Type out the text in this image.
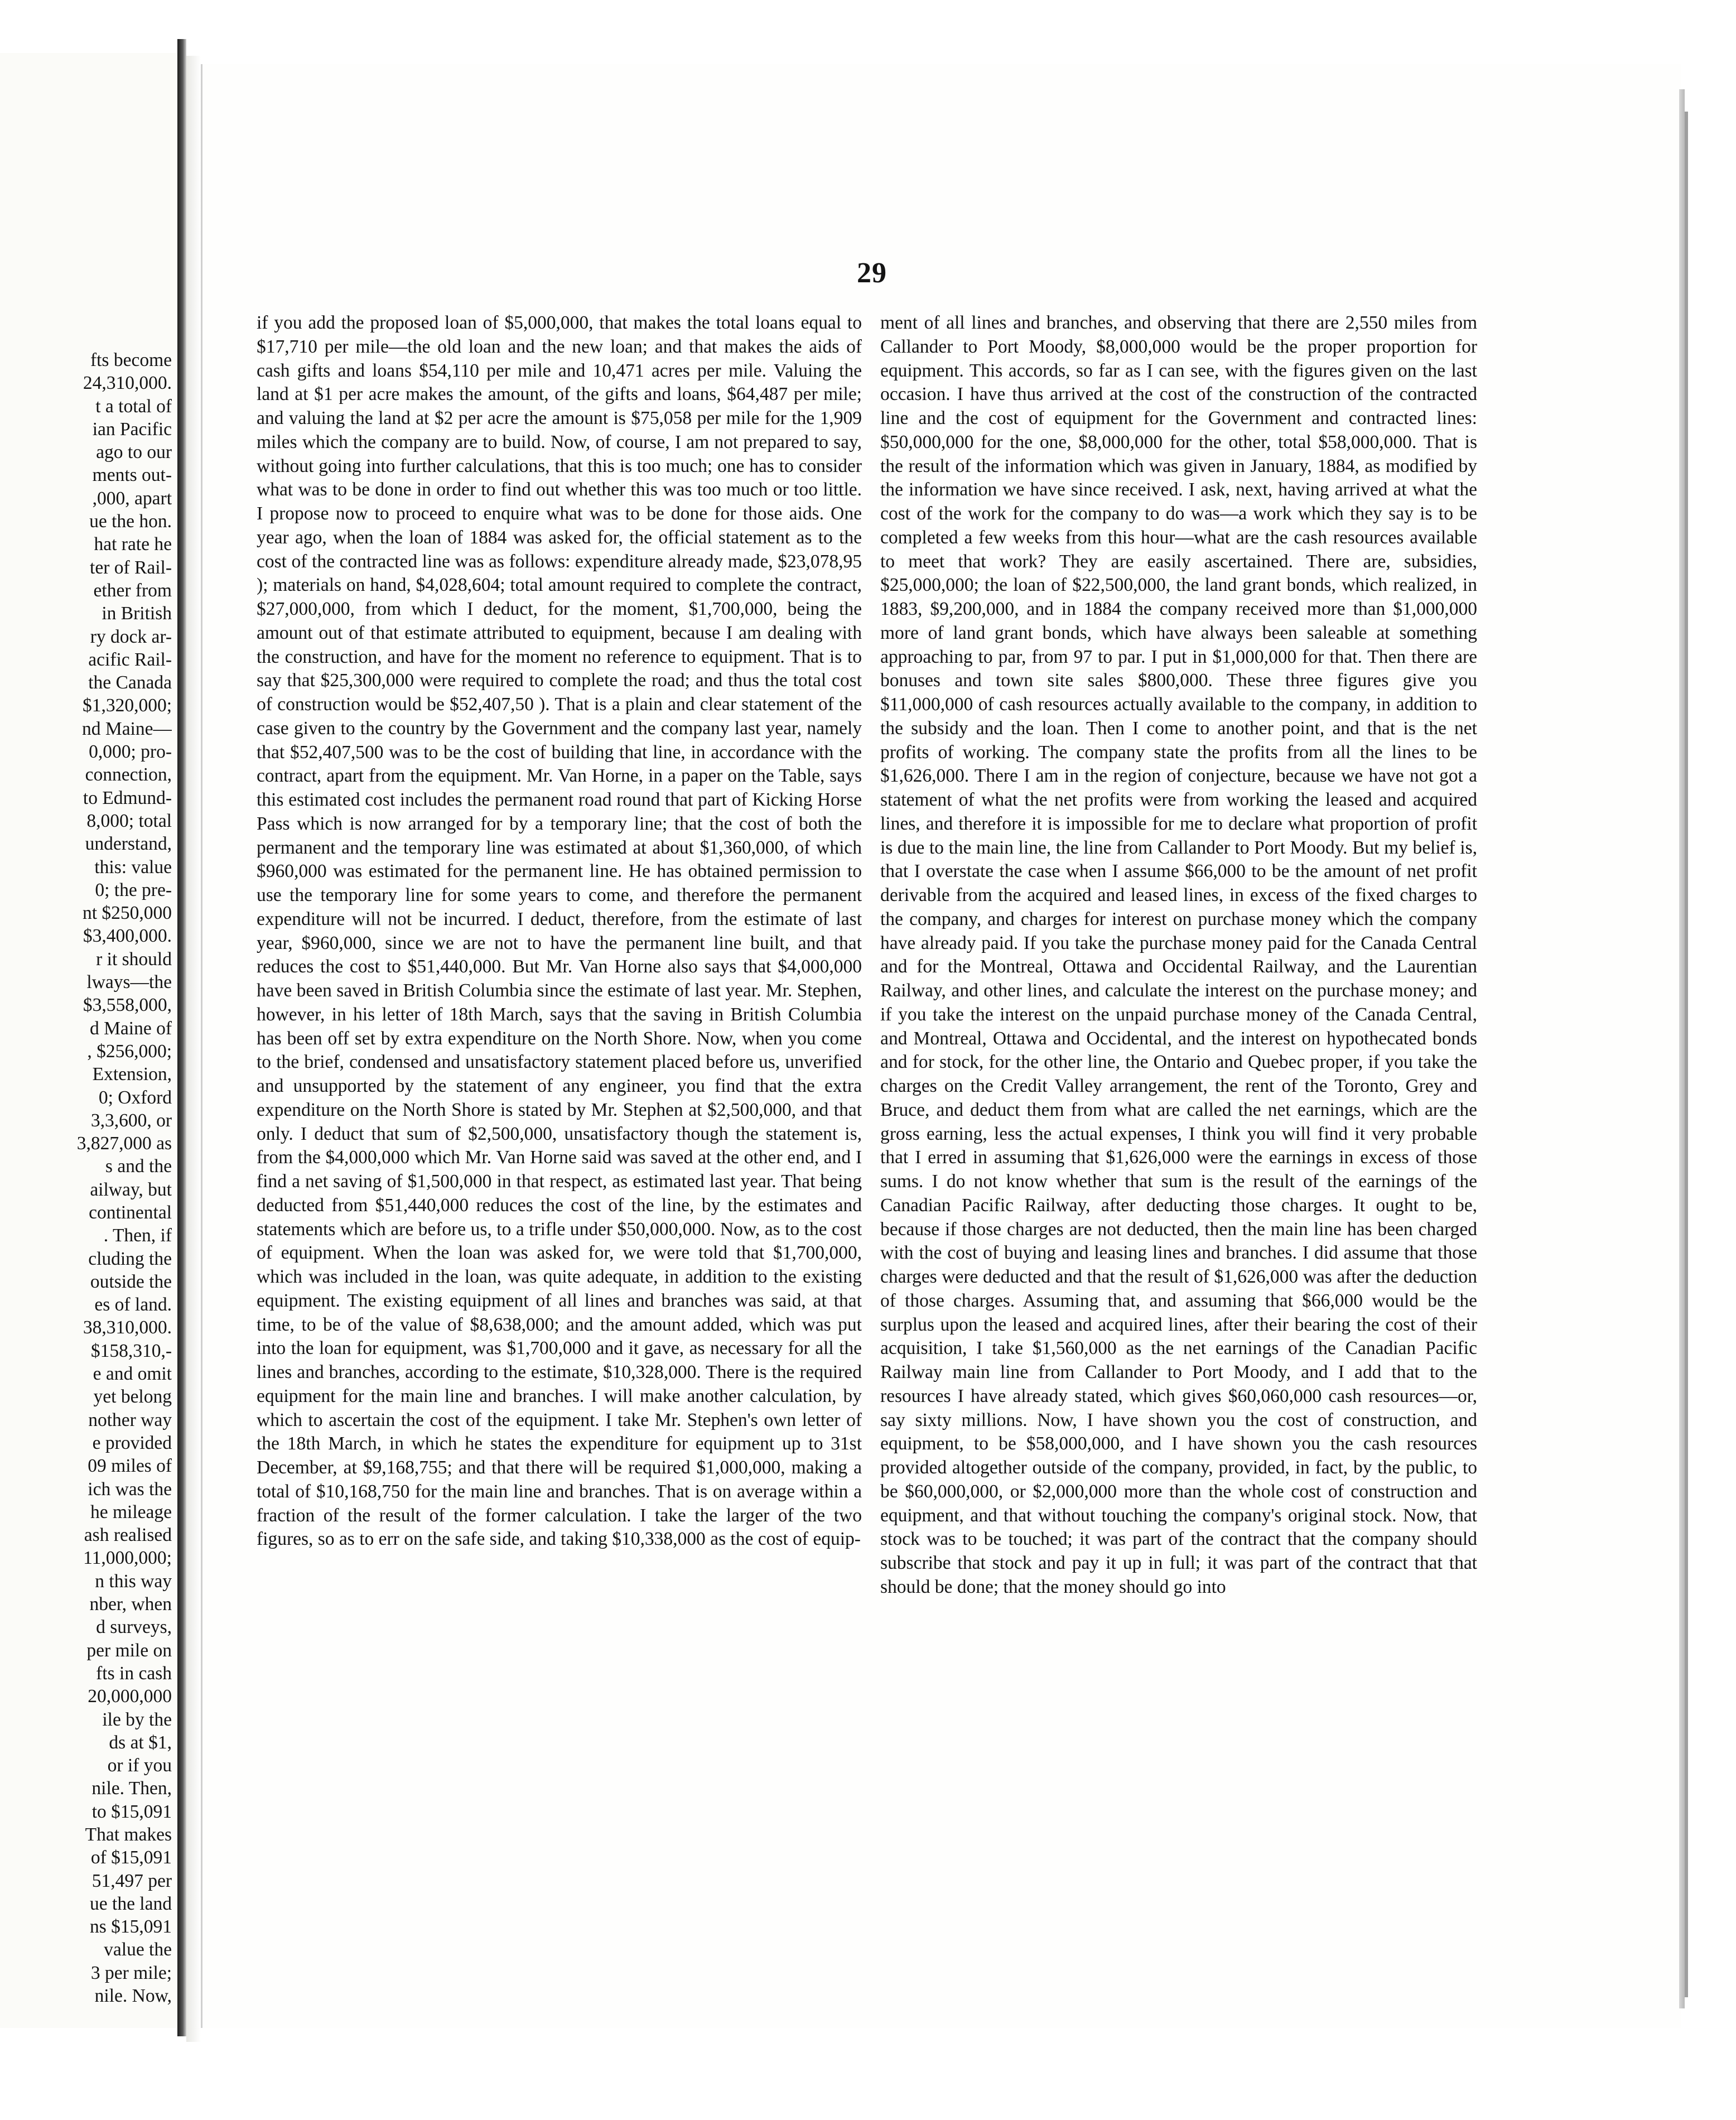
fts become
24,310,000.
t a total of
ian Pacific
ago to our
ments out-
,000, apart
ue the hon.
hat rate he
ter of Rail-
ether from
in British
ry dock ar-
acific Rail-
the Canada
$1,320,000;
nd Maine—
0,000; pro-
connection,
to Edmund-
8,000; total
understand,
this: value
0; the pre-
nt $250,000
$3,400,000.
r it should
lways—the
$3,558,000,
d Maine of
, $256,000;
Extension,
0; Oxford
3,3,600, or
3,827,000 as
s and the
ailway, but
continental
. Then, if
cluding the
outside the
es of land.
38,310,000.
$158,310,-
e and omit
yet belong
nother way
e provided
09 miles of
ich was the
he mileage
ash realised
11,000,000;
n this way
nber, when
d surveys,
per mile on
fts in cash
20,000,000
ile by the
ds at $1,
or if you
nile. Then,
to $15,091
That makes
of $15,091
51,497 per
ue the land
ns $15,091
value the
3 per mile;
nile. Now,
29

if you add the proposed loan of $5,000,000, that makes the total loans equal to $17,710 per mile—the old loan and the new loan; and that makes the aids of cash gifts and loans $54,110 per mile and 10,471 acres per mile. Valuing the land at $1 per acre makes the amount, of the gifts and loans, $64,487 per mile; and valuing the land at $2 per acre the amount is $75,058 per mile for the 1,909 miles which the company are to build. Now, of course, I am not prepared to say, without going into further calculations, that this is too much; one has to consider what was to be done in order to find out whether this was too much or too little. I propose now to proceed to enquire what was to be done for those aids. One year ago, when the loan of 1884 was asked for, the official statement as to the cost of the contracted line was as follows: expenditure already made, $23,078,95 ); materials on hand, $4,028,604; total amount required to complete the contract, $27,000,000, from which I deduct, for the moment, $1,700,000, being the amount out of that estimate attributed to equipment, because I am dealing with the construction, and have for the moment no reference to equipment. That is to say that $25,300,000 were required to complete the road; and thus the total cost of construction would be $52,407,50 ). That is a plain and clear statement of the case given to the country by the Government and the company last year, namely that $52,407,500 was to be the cost of building that line, in accordance with the contract, apart from the equipment. Mr. Van Horne, in a paper on the Table, says this estimated cost includes the permanent road round that part of Kicking Horse Pass which is now arranged for by a temporary line; that the cost of both the permanent and the temporary line was estimated at about $1,360,000, of which $960,000 was estimated for the permanent line. He has obtained permission to use the temporary line for some years to come, and therefore the permanent expenditure will not be incurred. I deduct, therefore, from the estimate of last year, $960,000, since we are not to have the permanent line built, and that reduces the cost to $51,440,000. But Mr. Van Horne also says that $4,000,000 have been saved in British Columbia since the estimate of last year. Mr. Stephen, however, in his letter of 18th March, says that the saving in British Columbia has been off set by extra expenditure on the North Shore. Now, when you come to the brief, condensed and unsatisfactory statement placed before us, unverified and unsupported by the statement of any engineer, you find that the extra expenditure on the North Shore is stated by Mr. Stephen at $2,500,000, and that only. I deduct that sum of $2,500,000, unsatisfactory though the statement is, from the $4,000,000 which Mr. Van Horne said was saved at the other end, and I find a net saving of $1,500,000 in that respect, as estimated last year. That being deducted from $51,440,000 reduces the cost of the line, by the estimates and statements which are before us, to a trifle under $50,000,000. Now, as to the cost of equipment. When the loan was asked for, we were told that $1,700,000, which was included in the loan, was quite adequate, in addition to the existing equipment. The existing equipment of all lines and branches was said, at that time, to be of the value of $8,638,000; and the amount added, which was put into the loan for equipment, was $1,700,000 and it gave, as necessary for all the lines and branches, according to the estimate, $10,328,000. There is the required equipment for the main line and branches. I will make another calculation, by which to ascertain the cost of the equipment. I take Mr. Stephen's own letter of the 18th March, in which he states the expenditure for equipment up to 31st December, at $9,168,755; and that there will be required $1,000,000, making a total of $10,168,750 for the main line and branches. That is on average within a fraction of the result of the former calculation. I take the larger of the two figures, so as to err on the safe side, and taking $10,338,000 as the cost of equip-

ment of all lines and branches, and observing that there are 2,550 miles from Callander to Port Moody, $8,000,000 would be the proper proportion for equipment. This accords, so far as I can see, with the figures given on the last occasion. I have thus arrived at the cost of the construction of the contracted line and the cost of equipment for the Government and contracted lines: $50,000,000 for the one, $8,000,000 for the other, total $58,000,000. That is the result of the information which was given in January, 1884, as modified by the information we have since received. I ask, next, having arrived at what the cost of the work for the company to do was—a work which they say is to be completed a few weeks from this hour—what are the cash resources available to meet that work? They are easily ascertained. There are, subsidies, $25,000,000; the loan of $22,500,000, the land grant bonds, which realized, in 1883, $9,200,000, and in 1884 the company received more than $1,000,000 more of land grant bonds, which have always been saleable at something approaching to par, from 97 to par. I put in $1,000,000 for that. Then there are bonuses and town site sales $800,000. These three figures give you $11,000,000 of cash resources actually available to the company, in addition to the subsidy and the loan. Then I come to another point, and that is the net profits of working. The company state the profits from all the lines to be $1,626,000. There I am in the region of conjecture, because we have not got a statement of what the net profits were from working the leased and acquired lines, and therefore it is impossible for me to declare what proportion of profit is due to the main line, the line from Callander to Port Moody. But my belief is, that I overstate the case when I assume $66,000 to be the amount of net profit derivable from the acquired and leased lines, in excess of the fixed charges to the company, and charges for interest on purchase money which the company have already paid. If you take the purchase money paid for the Canada Central and for the Montreal, Ottawa and Occidental Railway, and the Laurentian Railway, and other lines, and calculate the interest on the purchase money; and if you take the interest on the unpaid purchase money of the Canada Central, and Montreal, Ottawa and Occidental, and the interest on hypothecated bonds and for stock, for the other line, the Ontario and Quebec proper, if you take the charges on the Credit Valley arrangement, the rent of the Toronto, Grey and Bruce, and deduct them from what are called the net earnings, which are the gross earning, less the actual expenses, I think you will find it very probable that I erred in assuming that $1,626,000 were the earnings in excess of those sums. I do not know whether that sum is the result of the earnings of the Canadian Pacific Railway, after deducting those charges. It ought to be, because if those charges are not deducted, then the main line has been charged with the cost of buying and leasing lines and branches. I did assume that those charges were deducted and that the result of $1,626,000 was after the deduction of those charges. Assuming that, and assuming that $66,000 would be the surplus upon the leased and acquired lines, after their bearing the cost of their acquisition, I take $1,560,000 as the net earnings of the Canadian Pacific Railway main line from Callander to Port Moody, and I add that to the resources I have already stated, which gives $60,060,000 cash resources—or, say sixty millions. Now, I have shown you the cost of construction, and equipment, to be $58,000,000, and I have shown you the cash resources provided altogether outside of the company, provided, in fact, by the public, to be $60,000,000, or $2,000,000 more than the whole cost of construction and equipment, and that without touching the company's original stock. Now, that stock was to be touched; it was part of the contract that the company should subscribe that stock and pay it up in full; it was part of the contract that that should be done; that the money should go into
